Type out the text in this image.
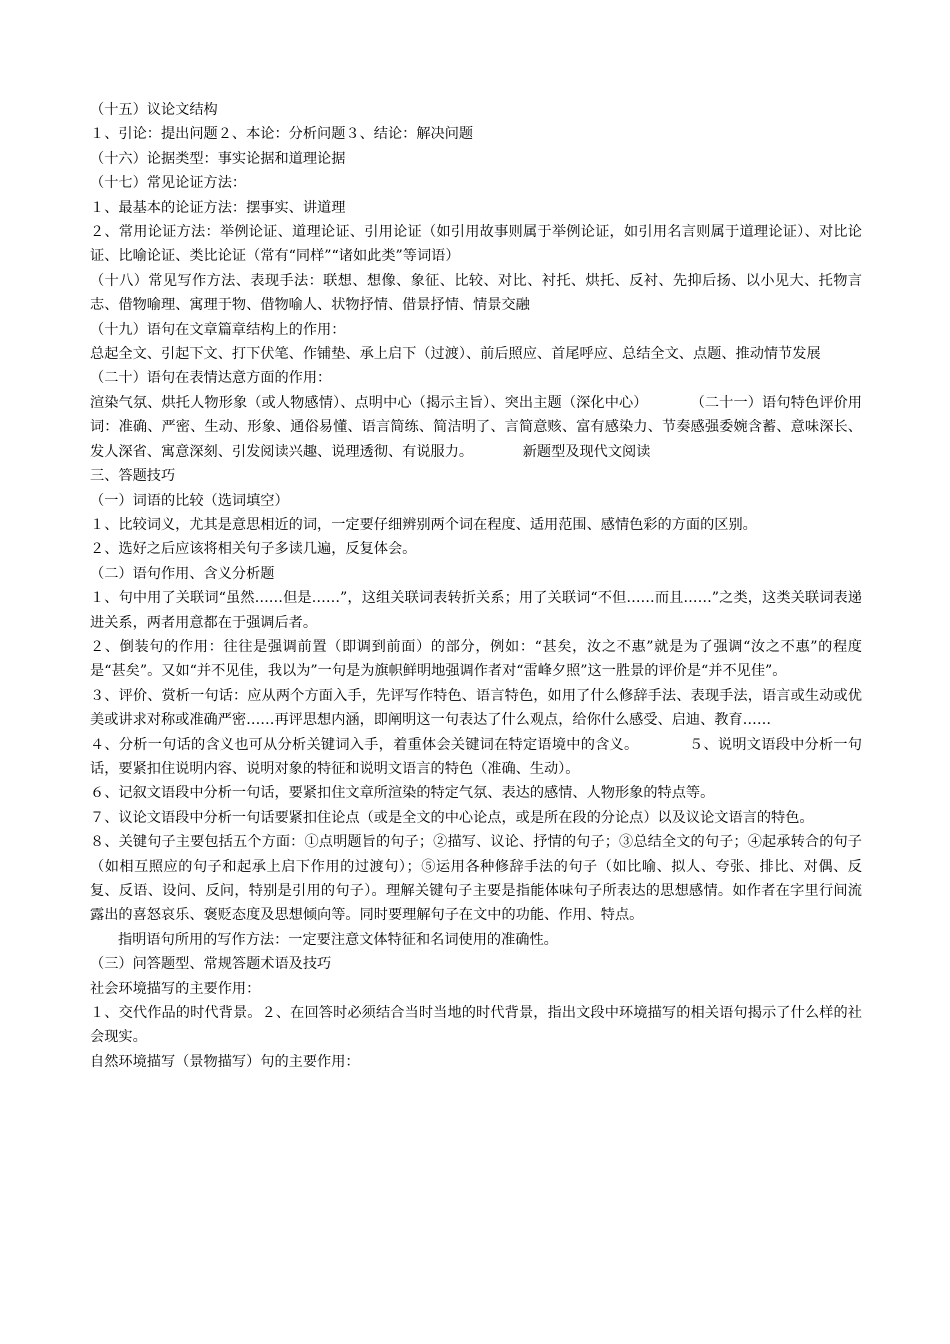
（十五）议论文结构

１、引论：提出问题２、本论：分析问题３、结论：解决问题

（十六）论据类型：事实论据和道理论据

（十七）常见论证方法：

１、最基本的论证方法：摆事实、讲道理

２、常用论证方法：举例论证、道理论证、引用论证（如引用故事则属于举例论证，如引用名言则属于道理论证）、对比论证、比喻论证、类比论证（常有“同样”“诸如此类”等词语）

（十八）常见写作方法、表现手法：联想、想像、象征、比较、对比、衬托、烘托、反衬、先抑后扬、以小见大、托物言志、借物喻理、寓理于物、借物喻人、状物抒情、借景抒情、情景交融

（十九）语句在文章篇章结构上的作用：

总起全文、引起下文、打下伏笔、作铺垫、承上启下（过渡）、前后照应、首尾呼应、总结全文、点题、推动情节发展

（二十）语句在表情达意方面的作用：

渲染气氛、烘托人物形象（或人物感情）、点明中心（揭示主旨）、突出主题（深化中心）　　　　（二十一）语句特色评价用词：准确、严密、生动、形象、通俗易懂、语言简练、简洁明了、言简意赅、富有感染力、节奏感强委婉含蓄、意味深长、发人深省、寓意深刻、引发阅读兴趣、说理透彻、有说服力。　　　　新题型及现代文阅读

三、答题技巧

（一）词语的比较（选词填空）

１、比较词义，尤其是意思相近的词，一定要仔细辨别两个词在程度、适用范围、感情色彩的方面的区别。

２、选好之后应该将相关句子多读几遍，反复体会。

（二）语句作用、含义分析题

１、句中用了关联词“虽然……但是……”，这组关联词表转折关系；用了关联词“不但……而且……”之类，这类关联词表递进关系，两者用意都在于强调后者。

２、倒装句的作用：往往是强调前置（即调到前面）的部分，例如：“甚矣，汝之不惠”就是为了强调“汝之不惠”的程度是“甚矣”。又如“并不见佳，我以为”一句是为旗帜鲜明地强调作者对“雷峰夕照”这一胜景的评价是“并不见佳”。

３、评价、赏析一句话：应从两个方面入手，先评写作特色、语言特色，如用了什么修辞手法、表现手法，语言或生动或优美或讲求对称或准确严密……再评思想内涵，即阐明这一句表达了什么观点，给你什么感受、启迪、教育……

４、分析一句话的含义也可从分析关键词入手，着重体会关键词在特定语境中的含义。　　　　５、说明文语段中分析一句话，要紧扣住说明内容、说明对象的特征和说明文语言的特色（准确、生动）。

６、记叙文语段中分析一句话，要紧扣住文章所渲染的特定气氛、表达的感情、人物形象的特点等。

７、议论文语段中分析一句话要紧扣住论点（或是全文的中心论点，或是所在段的分论点）以及议论文语言的特色。

８、关键句子主要包括五个方面：①点明题旨的句子；②描写、议论、抒情的句子；③总结全文的句子；④起承转合的句子（如相互照应的句子和起承上启下作用的过渡句）；⑤运用各种修辞手法的句子（如比喻、拟人、夸张、排比、对偶、反复、反语、设问、反问，特别是引用的句子）。理解关键句子主要是指能体味句子所表达的思想感情。如作者在字里行间流露出的喜怒哀乐、褒贬态度及思想倾向等。同时要理解句子在文中的功能、作用、特点。

指明语句所用的写作方法：一定要注意文体特征和名词使用的准确性。

（三）问答题型、常规答题术语及技巧

社会环境描写的主要作用：

１、交代作品的时代背景。２、在回答时必须结合当时当地的时代背景，指出文段中环境描写的相关语句揭示了什么样的社会现实。

自然环境描写（景物描写）句的主要作用：
